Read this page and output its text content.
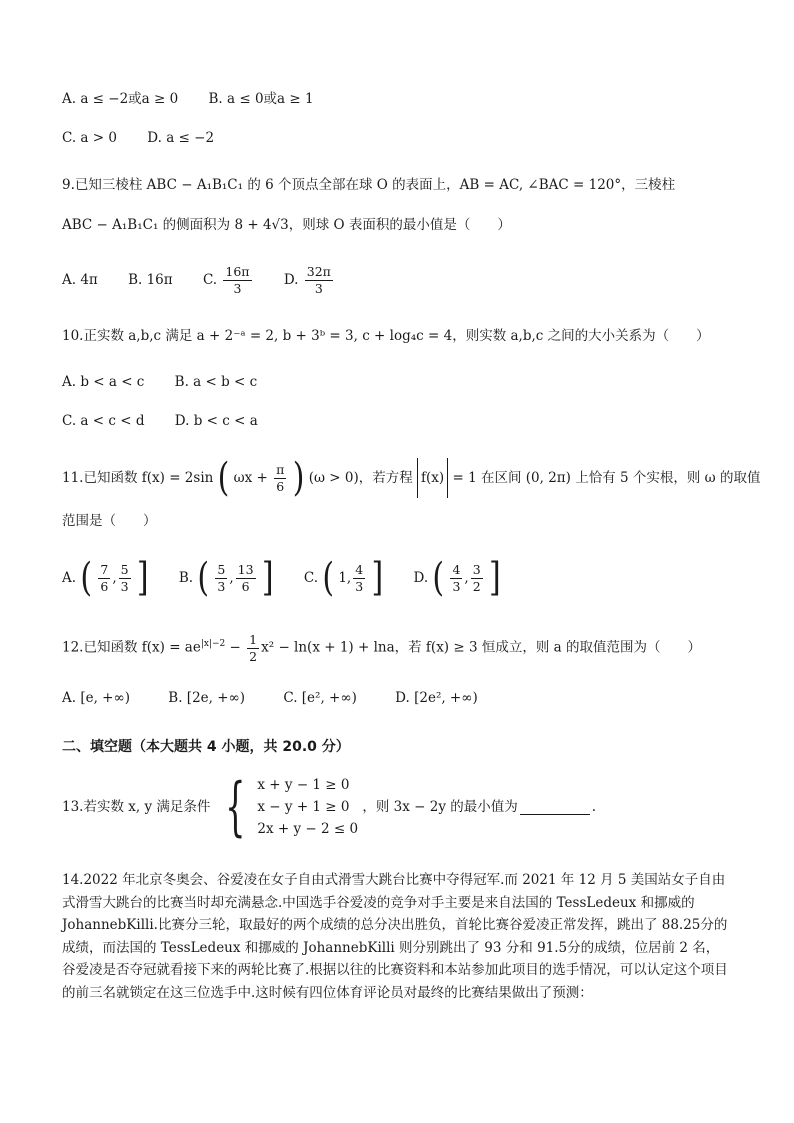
A. a ≤ −2或a ≥ 0 B. a ≤ 0或a ≥ 1
C. a > 0 D. a ≤ −2
9.已知三棱柱 ABC − A₁B₁C₁ 的 6 个顶点全部在球 O 的表面上，AB = AC, ∠BAC = 120°，三棱柱
ABC − A₁B₁C₁ 的侧面积为 8 + 4√3，则球 O 表面积的最小值是（　　）
A. 4π B. 16π C. $\frac{16\pi}{3} D$. $\frac{32\pi}{3}$
10.正实数 a,b,c 满足 a + 2⁻ᵃ = 2, b + 3ᵇ = 3, c + log₄c = 4，则实数 a,b,c 之间的大小关系为（　　）
A. b < a < c B. a < b < c
C. a < c < d D. b < c < a
11.已知函数 f(x) = 2sin ( $\omega x + \frac{\pi}{6}$ ) (ω > 0)，若方程 f(x) = 1 在区间 (0, 2π) 上恰有 5 个实根，则 ω 的取值
范围是（　　）
A. ( $\frac{7}{6}$ , $\frac{5}{3}$ ] B. ( $\frac{5}{3}$ , $\frac{13}{6}$ ] C. ( 1, $\frac{4}{3}$ ] D. ( $\frac{4}{3}$ , $\frac{3}{2}$ ]
12.已知函数 $f(x) = ae^{|x|-2} - \frac{1}{2} x^2 - \ln(x + 1) + \ln a$，若 f(x) ≥ 3 恒成立，则 a 的取值范围为（　　）
A. [e, +∞)	B. [2e, +∞)	C. [e², +∞)	D. [2e², +∞)
二、填空题（本大题共 4 小题，共 20.0 分）
13.若实数 x, y 满足条件 { x + y − 1 ≥ 0
x − y + 1 ≥ 0
2x + y − 2 ≤ 0
，则 3x − 2y 的最小值为	.
14.2022 年北京冬奥会、谷爱凌在女子自由式滑雪大跳台比赛中夺得冠军.而 2021 年 12 月 5 美国站女子自由式滑雪大跳台的比赛当时却充满悬念.中国选手谷爱凌的竞争对手主要是来自法国的 TessLedeux 和挪威的 JohannebKilli.比赛分三轮，取最好的两个成绩的总分决出胜负，首轮比赛谷爱凌正常发挥，跳出了 88.25分的成绩，而法国的 TessLedeux 和挪威的 JohannebKilli 则分别跳出了 93 分和 91.5分的成绩，位居前 2 名，谷爱凌是否夺冠就看接下来的两轮比赛了.根据以往的比赛资料和本站参加此项目的选手情况，可以认定这个项目的前三名就锁定在这三位选手中.这时候有四位体育评论员对最终的比赛结果做出了预测：
